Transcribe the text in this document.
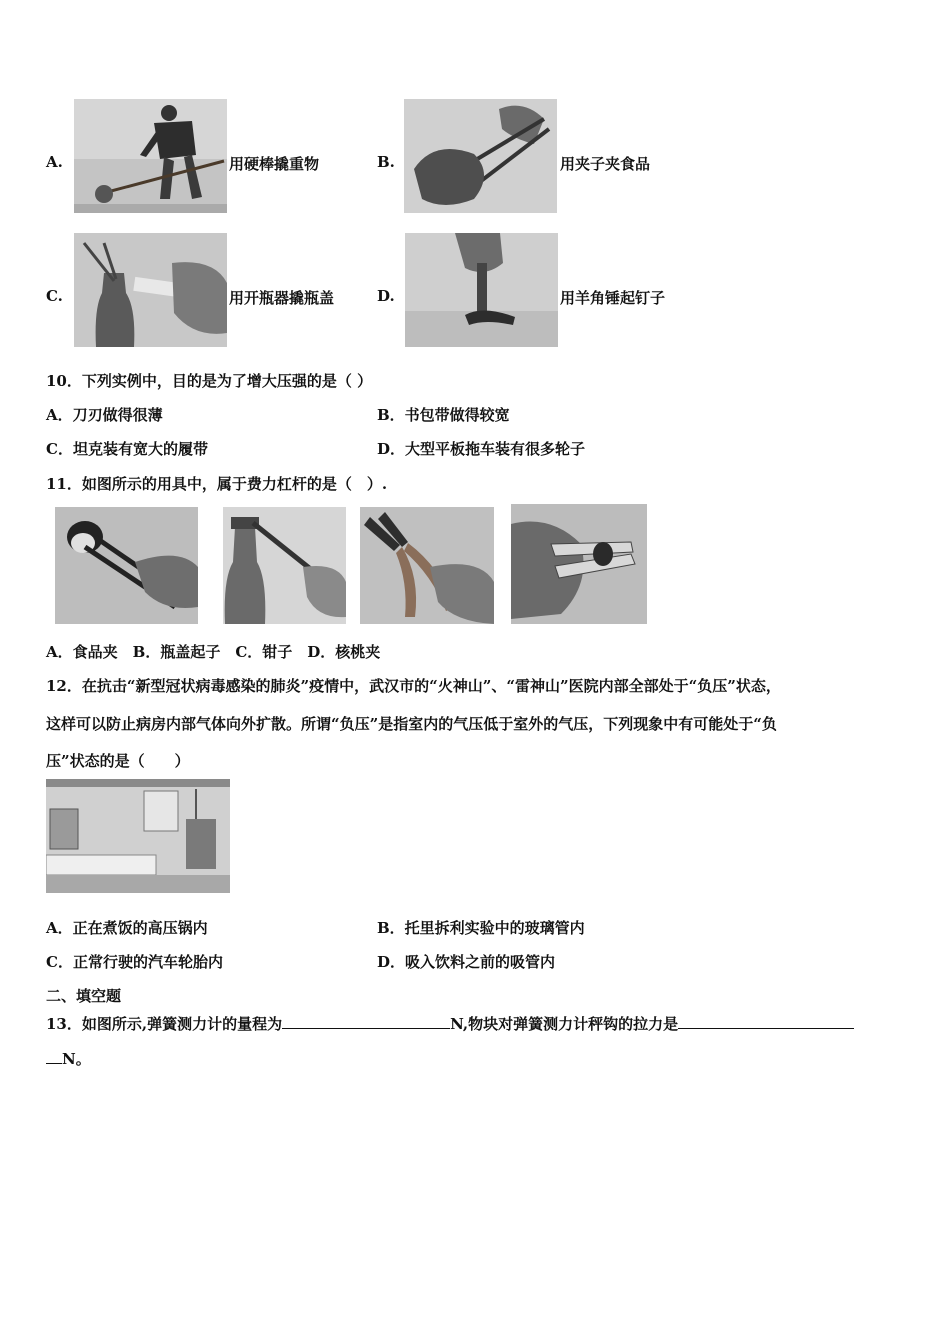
A.	用硬棒撬重物	B.	用夹子夹食品
C.	用开瓶器撬瓶盖	D.	用羊角锤起钉子
10．下列实例中，目的是为了增大压强的是（ ）
A．刀刃做得很薄	B．书包带做得较宽
C．坦克装有宽大的履带	D．大型平板拖车装有很多轮子
11．如图所示的用具中，属于费力杠杆的是（　）.
A．食品夹　B．瓶盖起子　C．钳子　D．核桃夹
12．在抗击“新型冠状病毒感染的肺炎”疫情中，武汉市的“火神山”、“雷神山”医院内部全部处于“负压”状态，
这样可以防止病房内部气体向外扩散。所谓“负压”是指室内的气压低于室外的气压，下列现象中有可能处于“负
压”状态的是（　　）
A．正在煮饭的高压锅内	B．托里拆利实验中的玻璃管内
C．正常行驶的汽车轮胎内	D．吸入饮料之前的吸管内
二、填空题
13．如图所示,弹簧测力计的量程为	N,物块对弹簧测力计秤钩的拉力是
N。
